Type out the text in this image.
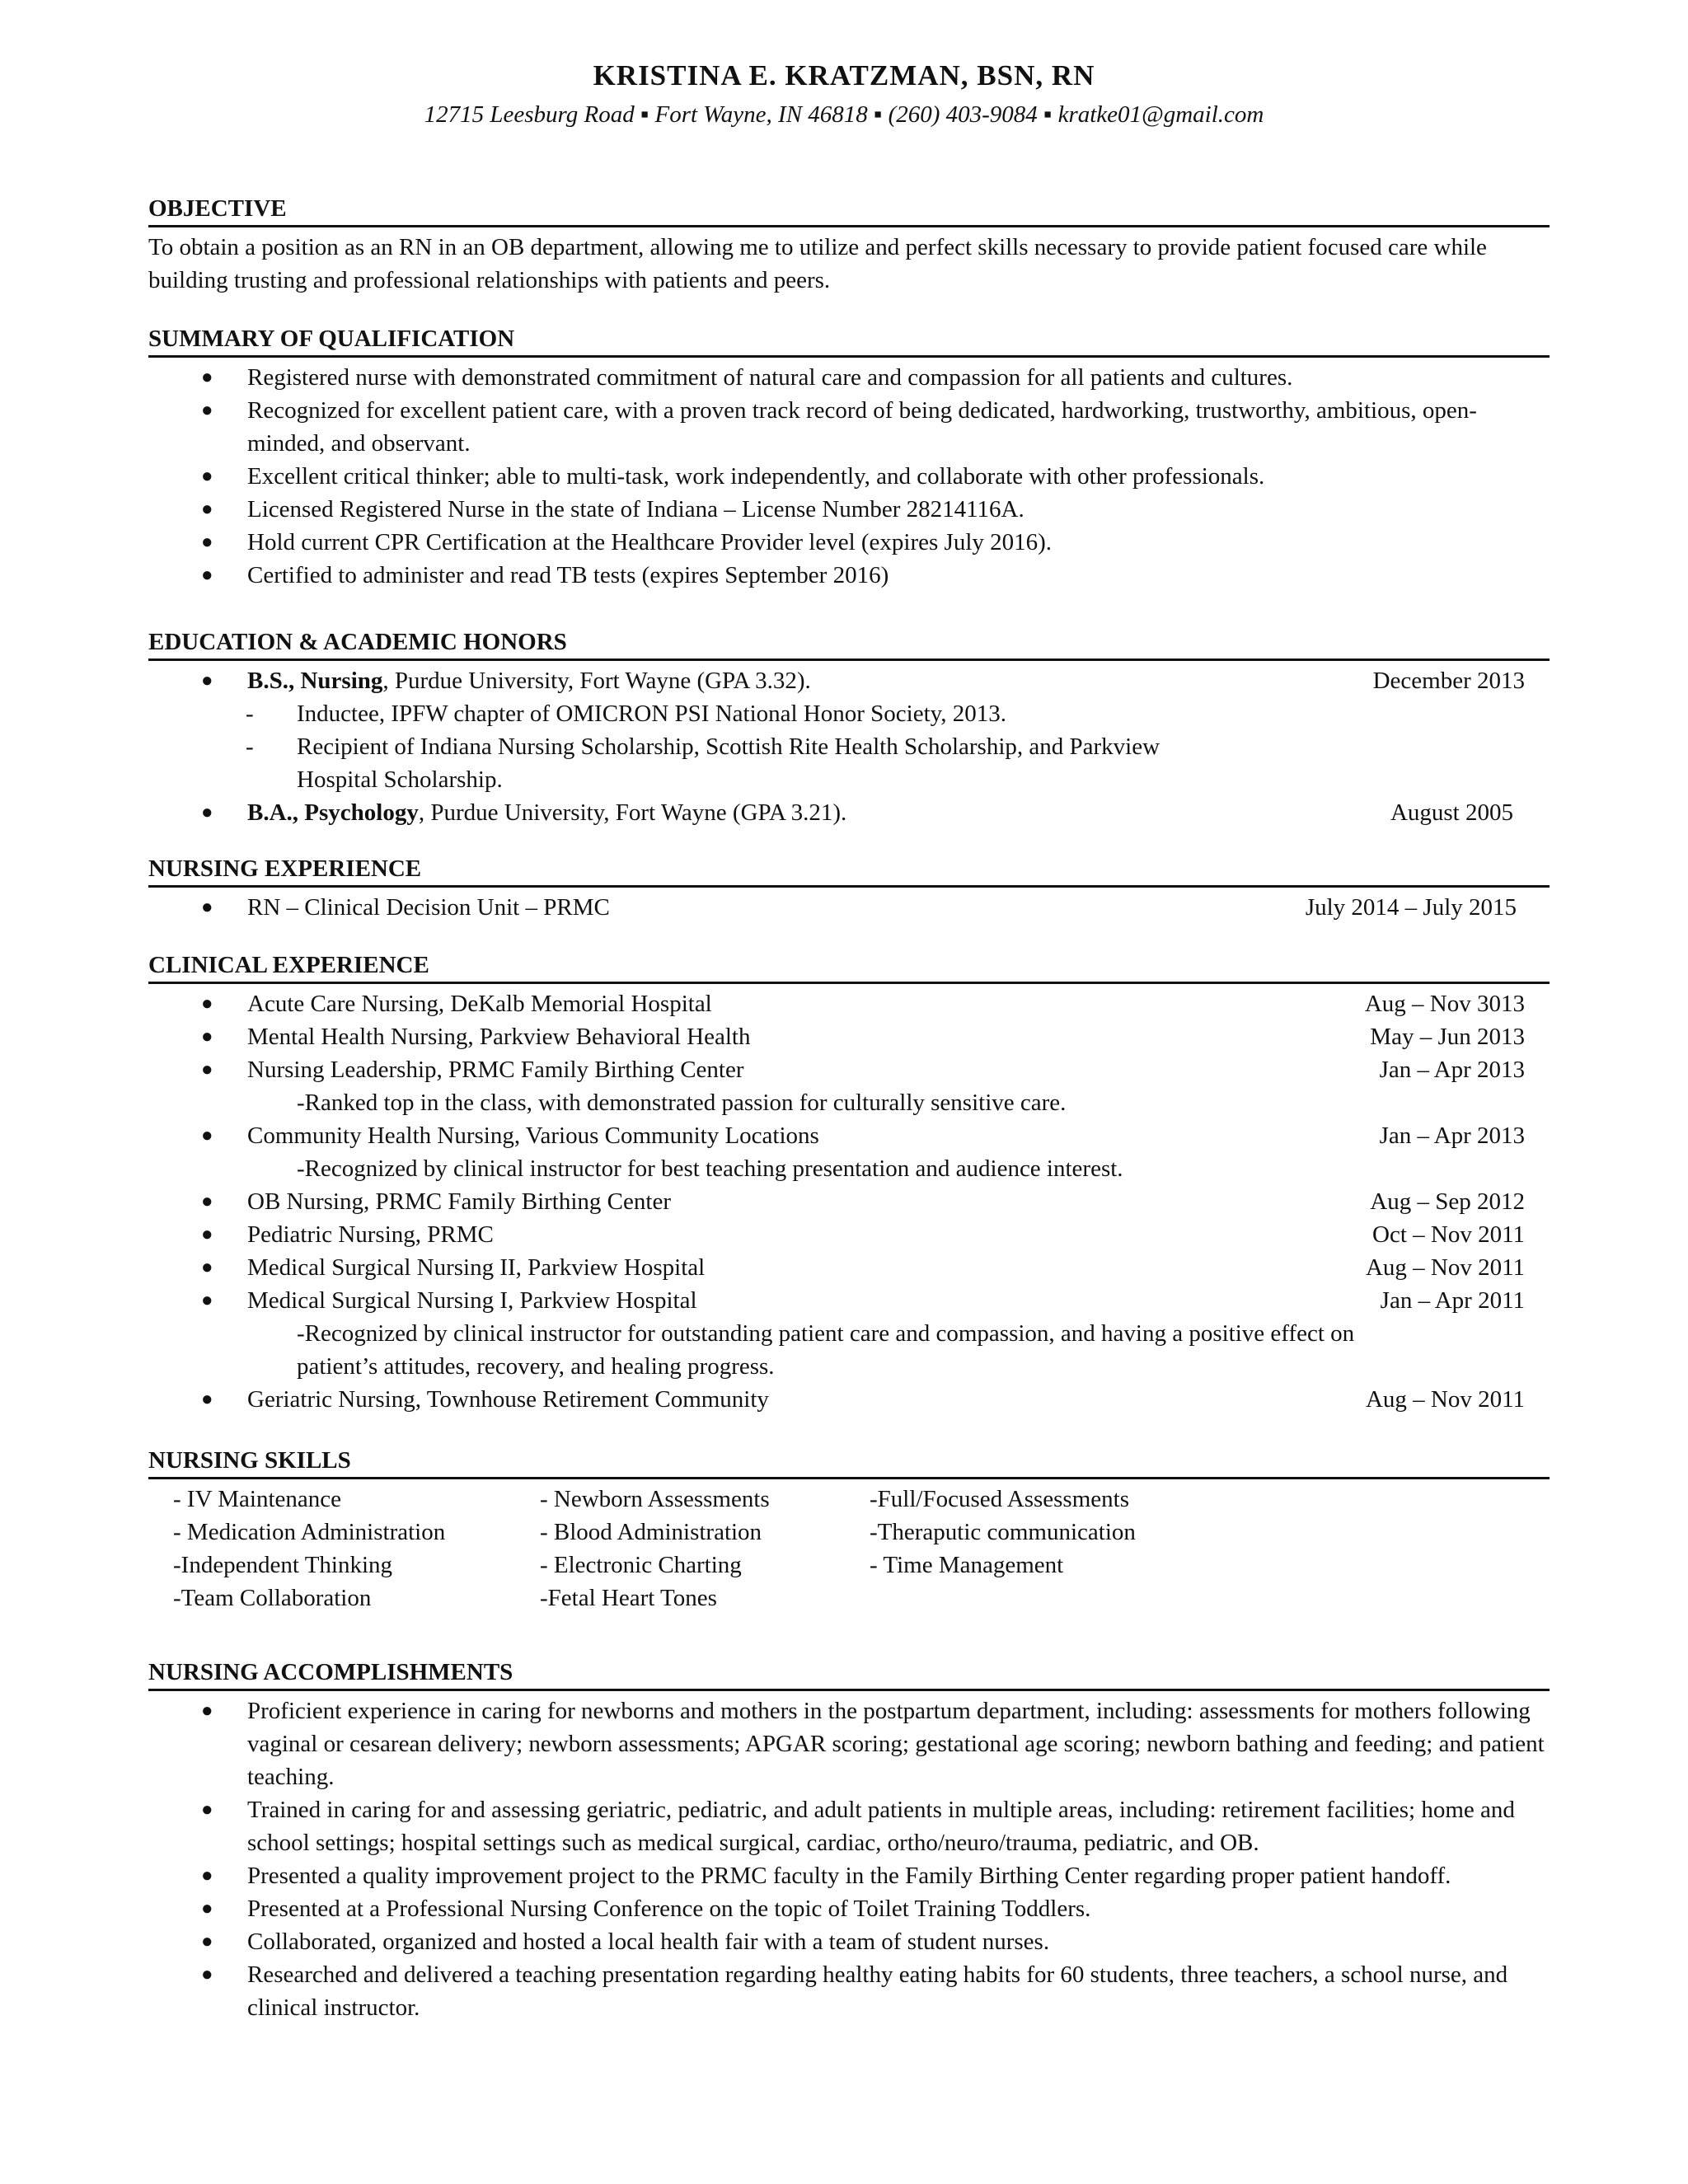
KRISTINA E. KRATZMAN, BSN, RN
12715 Leesburg Road ▪ Fort Wayne, IN 46818 ▪ (260) 403-9084 ▪ kratke01@gmail.com
OBJECTIVE
To obtain a position as an RN in an OB department, allowing me to utilize and perfect skills necessary to provide patient focused care while building trusting and professional relationships with patients and peers.
SUMMARY OF QUALIFICATION
● Registered nurse with demonstrated commitment of natural care and compassion for all patients and cultures.
● Recognized for excellent patient care, with a proven track record of being dedicated, hardworking, trustworthy, ambitious, open-minded, and observant.
● Excellent critical thinker; able to multi-task, work independently, and collaborate with other professionals.
● Licensed Registered Nurse in the state of Indiana – License Number 28214116A.
● Hold current CPR Certification at the Healthcare Provider level (expires July 2016).
● Certified to administer and read TB tests (expires September 2016)
EDUCATION & ACADEMIC HONORS
● B.S., Nursing, Purdue University, Fort Wayne (GPA 3.32).	December 2013
- Inductee, IPFW chapter of OMICRON PSI National Honor Society, 2013.
- Recipient of Indiana Nursing Scholarship, Scottish Rite Health Scholarship, and Parkview Hospital Scholarship.
● B.A., Psychology, Purdue University, Fort Wayne (GPA 3.21).	August 2005
NURSING EXPERIENCE
● RN – Clinical Decision Unit – PRMC	July 2014 – July 2015
CLINICAL EXPERIENCE
● Acute Care Nursing, DeKalb Memorial Hospital	Aug – Nov 3013
● Mental Health Nursing, Parkview Behavioral Health	May – Jun 2013
● Nursing Leadership, PRMC Family Birthing Center	Jan – Apr 2013
-Ranked top in the class, with demonstrated passion for culturally sensitive care.
● Community Health Nursing, Various Community Locations	Jan – Apr 2013
-Recognized by clinical instructor for best teaching presentation and audience interest.
● OB Nursing, PRMC Family Birthing Center	Aug – Sep 2012
● Pediatric Nursing, PRMC	Oct – Nov 2011
● Medical Surgical Nursing II, Parkview Hospital	Aug – Nov 2011
● Medical Surgical Nursing I, Parkview Hospital	Jan – Apr 2011
-Recognized by clinical instructor for outstanding patient care and compassion, and having a positive effect on patient’s attitudes, recovery, and healing progress.
● Geriatric Nursing, Townhouse Retirement Community	Aug – Nov 2011
NURSING SKILLS
- IV Maintenance	- Newborn Assessments	-Full/Focused Assessments
- Medication Administration	- Blood Administration	-Theraputic communication
-Independent Thinking	- Electronic Charting	- Time Management
-Team Collaboration	-Fetal Heart Tones
NURSING ACCOMPLISHMENTS
● Proficient experience in caring for newborns and mothers in the postpartum department, including: assessments for mothers following vaginal or cesarean delivery; newborn assessments; APGAR scoring; gestational age scoring; newborn bathing and feeding; and patient teaching.
● Trained in caring for and assessing geriatric, pediatric, and adult patients in multiple areas, including: retirement facilities; home and school settings; hospital settings such as medical surgical, cardiac, ortho/neuro/trauma, pediatric, and OB.
● Presented a quality improvement project to the PRMC faculty in the Family Birthing Center regarding proper patient handoff.
● Presented at a Professional Nursing Conference on the topic of Toilet Training Toddlers.
● Collaborated, organized and hosted a local health fair with a team of student nurses.
● Researched and delivered a teaching presentation regarding healthy eating habits for 60 students, three teachers, a school nurse, and clinical instructor.
